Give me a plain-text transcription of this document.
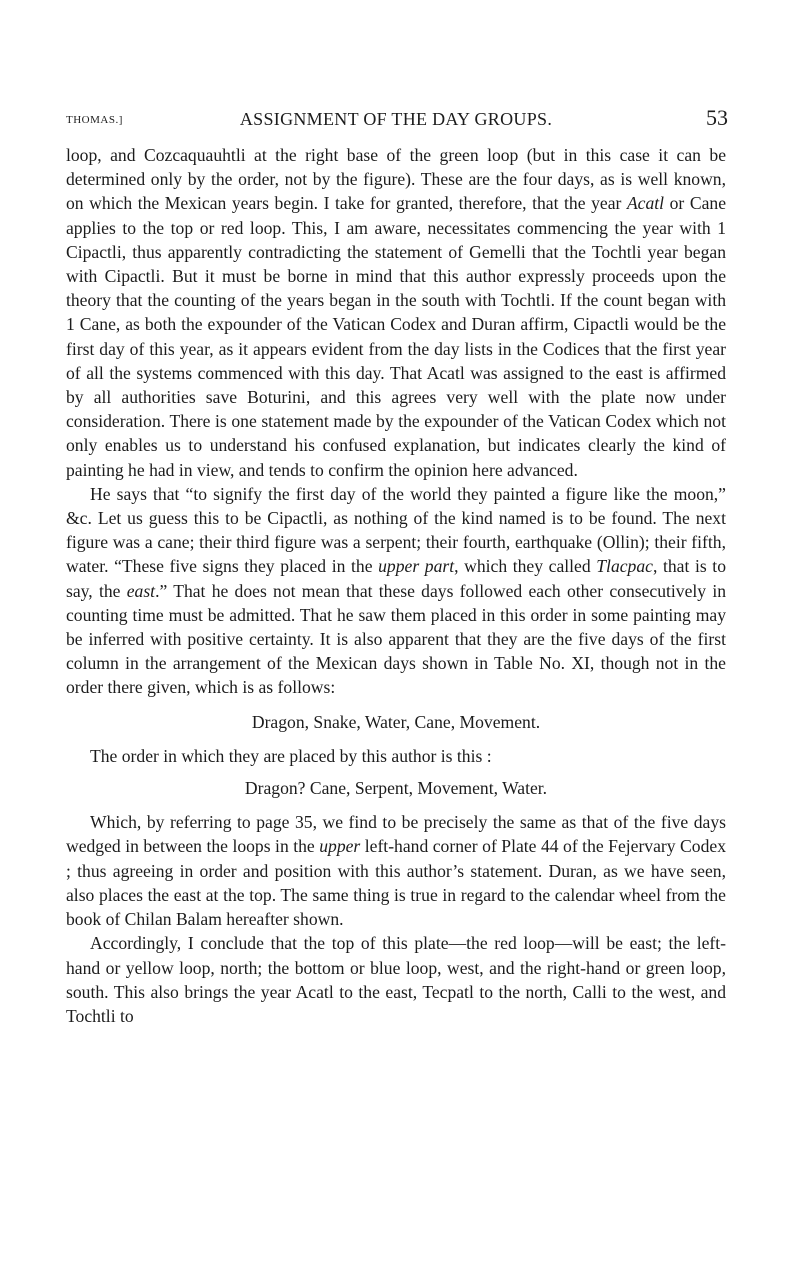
THOMAS.]	ASSIGNMENT OF THE DAY GROUPS.	53

loop, and Cozcaquauhtli at the right base of the green loop (but in this case it can be determined only by the order, not by the figure). These are the four days, as is well known, on which the Mexican years begin. I take for granted, therefore, that the year Acatl or Cane applies to the top or red loop. This, I am aware, necessitates commencing the year with 1 Cipactli, thus apparently contradicting the statement of Gemelli that the Tochtli year began with Cipactli. But it must be borne in mind that this author expressly proceeds upon the theory that the counting of the years began in the south with Tochtli. If the count began with 1 Cane, as both the expounder of the Vatican Codex and Duran affirm, Cipactli would be the first day of this year, as it appears evident from the day lists in the Codices that the first year of all the systems commenced with this day. That Acatl was assigned to the east is affirmed by all authorities save Boturini, and this agrees very well with the plate now under consideration. There is one statement made by the expounder of the Vatican Codex which not only enables us to understand his confused explanation, but indicates clearly the kind of painting he had in view, and tends to confirm the opinion here advanced.

He says that “to signify the first day of the world they painted a figure like the moon,” &c. Let us guess this to be Cipactli, as nothing of the kind named is to be found. The next figure was a cane; their third figure was a serpent; their fourth, earthquake (Ollin); their fifth, water. “These five signs they placed in the upper part, which they called Tlacpac, that is to say, the east.” That he does not mean that these days followed each other consecutively in counting time must be admitted. That he saw them placed in this order in some painting may be inferred with positive certainty. It is also apparent that they are the five days of the first column in the arrangement of the Mexican days shown in Table No. XI, though not in the order there given, which is as follows:

Dragon, Snake, Water, Cane, Movement.

The order in which they are placed by this author is this :

Dragon? Cane, Serpent, Movement, Water.

Which, by referring to page 35, we find to be precisely the same as that of the five days wedged in between the loops in the upper left-hand corner of Plate 44 of the Fejervary Codex ; thus agreeing in order and position with this author’s statement. Duran, as we have seen, also places the east at the top. The same thing is true in regard to the calendar wheel from the book of Chilan Balam hereafter shown.

Accordingly, I conclude that the top of this plate—the red loop—will be east; the left-hand or yellow loop, north; the bottom or blue loop, west, and the right-hand or green loop, south. This also brings the year Acatl to the east, Tecpatl to the north, Calli to the west, and Tochtli to
